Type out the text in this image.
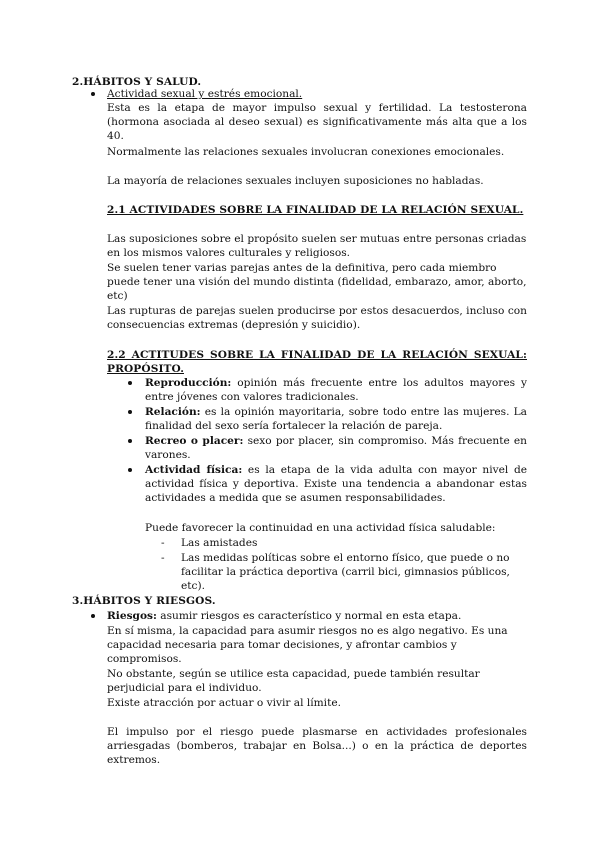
2.HÁBITOS Y SALUD.
Actividad sexual y estrés emocional.

Esta es la etapa de mayor impulso sexual y fertilidad. La testosterona (hormona asociada al deseo sexual) es significativamente más alta que a los 40.

Normalmente las relaciones sexuales involucran conexiones emocionales.

La mayoría de relaciones sexuales incluyen suposiciones no habladas.

2.1 ACTIVIDADES SOBRE LA FINALIDAD DE LA RELACIÓN SEXUAL.

Las suposiciones sobre el propósito suelen ser mutuas entre personas criadas en los mismos valores culturales y religiosos.

Se suelen tener varias parejas antes de la definitiva, pero cada miembro puede tener una visión del mundo distinta (fidelidad, embarazo, amor, aborto, etc)

Las rupturas de parejas suelen producirse por estos desacuerdos, incluso con consecuencias extremas (depresión y suicidio).

2.2 ACTITUDES SOBRE LA FINALIDAD DE LA RELACIÓN SEXUAL: PROPÓSITO.

Reproducción: opinión más frecuente entre los adultos mayores y entre jóvenes con valores tradicionales.

Relación: es la opinión mayoritaria, sobre todo entre las mujeres. La finalidad del sexo sería fortalecer la relación de pareja.

Recreo o placer: sexo por placer, sin compromiso. Más frecuente en varones.

Actividad física: es la etapa de la vida adulta con mayor nivel de actividad física y deportiva. Existe una tendencia a abandonar estas actividades a medida que se asumen responsabilidades.

Puede favorecer la continuidad en una actividad física saludable:

-	Las amistades

-	Las medidas políticas sobre el entorno físico, que puede o no facilitar la práctica deportiva (carril bici, gimnasios públicos, etc).

3.HÁBITOS Y RIESGOS.

Riesgos: asumir riesgos es característico y normal en esta etapa.

En sí misma, la capacidad para asumir riesgos no es algo negativo. Es una capacidad necesaria para tomar decisiones, y afrontar cambios y compromisos.

No obstante, según se utilice esta capacidad, puede también resultar perjudicial para el individuo.

Existe atracción por actuar o vivir al límite.

El impulso por el riesgo puede plasmarse en actividades profesionales arriesgadas (bomberos, trabajar en Bolsa...) o en la práctica de deportes extremos.
